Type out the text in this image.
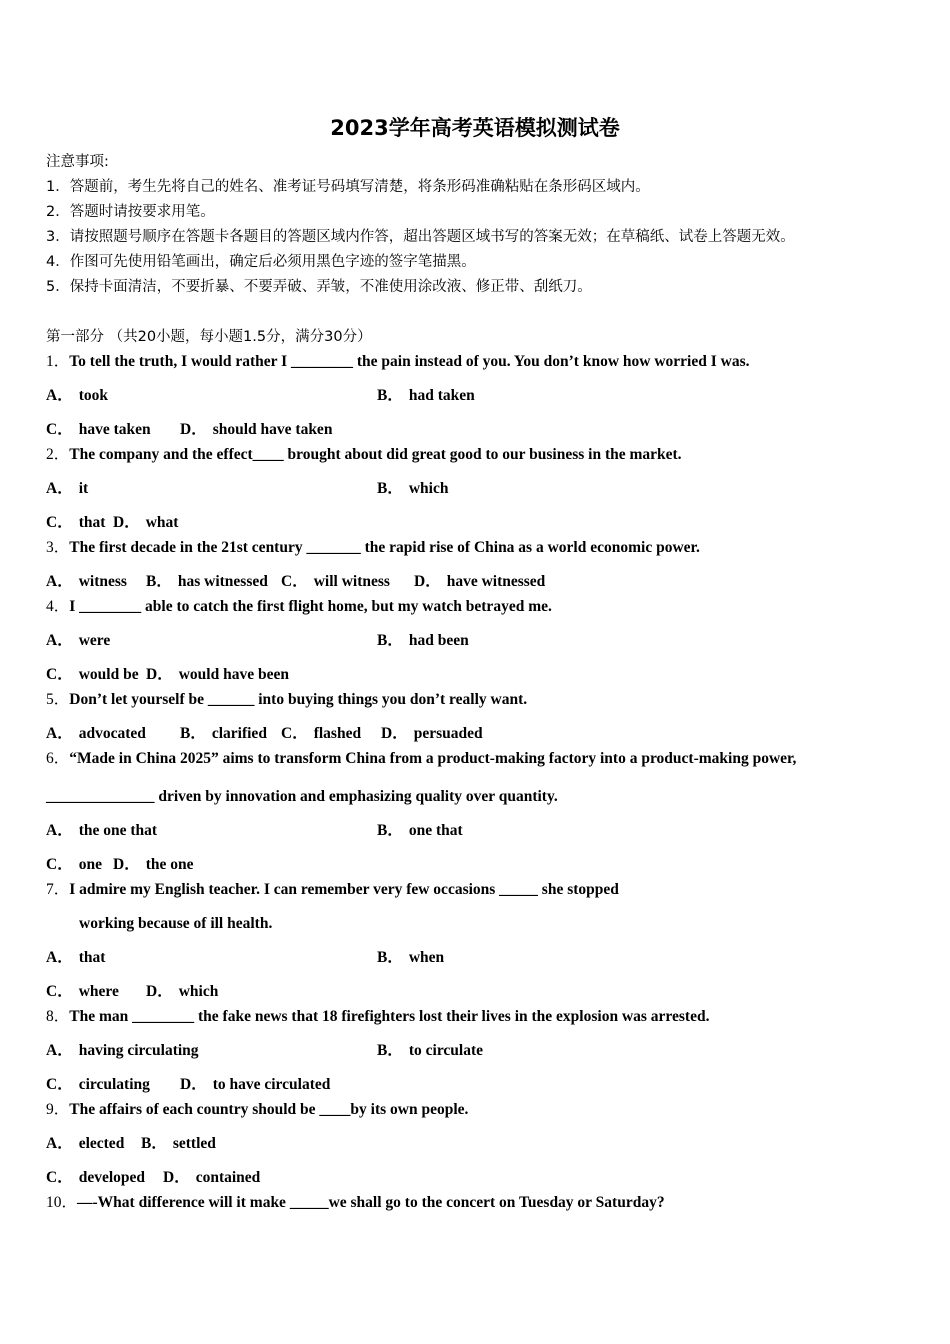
2023学年高考英语模拟测试卷
注意事项:
1．答题前，考生先将自己的姓名、准考证号码填写清楚，将条形码准确粘贴在条形码区域内。
2．答题时请按要求用笔。
3．请按照题号顺序在答题卡各题目的答题区域内作答，超出答题区域书写的答案无效；在草稿纸、试卷上答题无效。
4．作图可先使用铅笔画出，确定后必须用黑色字迹的签字笔描黑。
5．保持卡面清洁，不要折暴、不要弄破、弄皱，不准使用涂改液、修正带、刮纸刀。
第一部分 （共20小题，每小题1.5分，满分30分）
1．To tell the truth, I would rather I ________ the pain instead of you. You don’t know how worried I was.
A． took	B． had taken
C． have taken D． should have taken
2．The company and the effect____ brought about did great good to our business in the market.
A． it	B． which
C． that D． what
3．The first decade in the 21st century _______ the rapid rise of China as a world economic power.
A． witness B． has witnessed C． will witness D． have witnessed
4．I ________ able to catch the first flight home, but my watch betrayed me.
A． were	B． had been
C． would be D． would have been
5．Don’t let yourself be ______ into buying things you don’t really want.
A． advocated B． clarified C． flashed D． persuaded
6．“Made in China 2025” aims to transform China from a product-making factory into a product-making power,
______________ driven by innovation and emphasizing quality over quantity.
A． the one that	B． one that
C． one D． the one
7．I admire my English teacher. I can remember very few occasions _____ she stopped
working because of ill health.
A． that	B． when
C． where D． which
8．The man ________ the fake news that 18 firefighters lost their lives in the explosion was arrested.
A． having circulating	B． to circulate
C． circulating D． to have circulated
9．The affairs of each country should be ____by its own people.
A． elected B． settled
C． developed D． contained
10．—-What difference will it make _____we shall go to the concert on Tuesday or Saturday?
